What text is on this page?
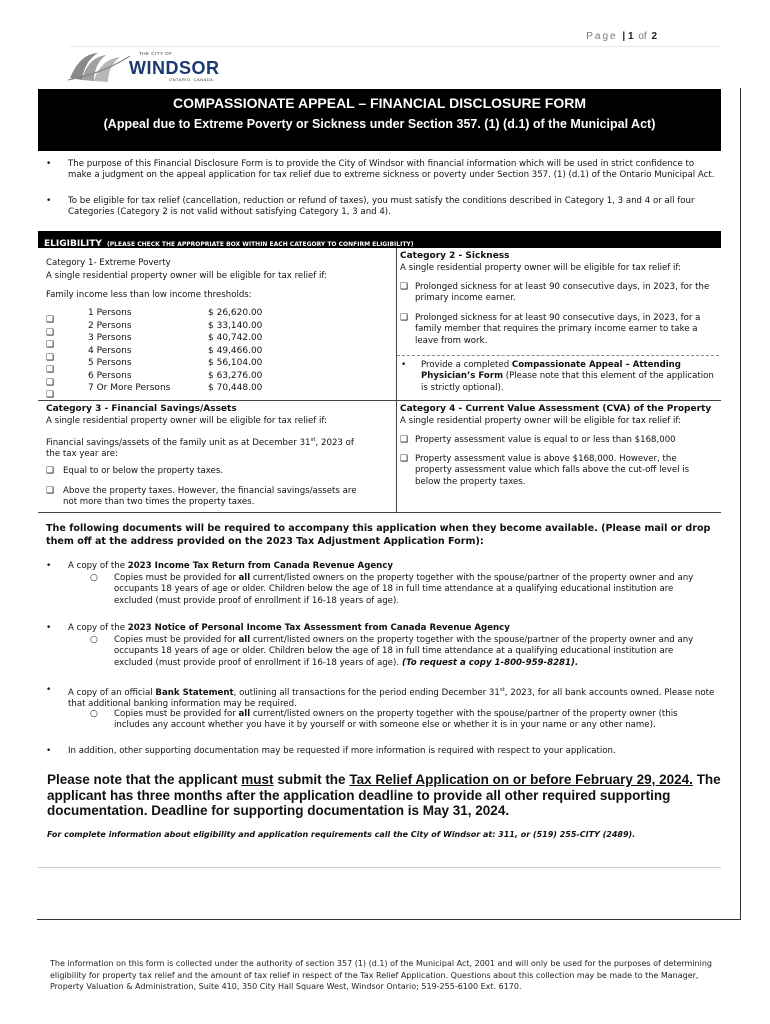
Page | 1 of 2
THE CITY OF
WINDSOR
ONTARIO, CANADA
COMPASSIONATE APPEAL – FINANCIAL DISCLOSURE FORM
(Appeal due to Extreme Poverty or Sickness under Section 357. (1) (d.1) of the Municipal Act)
• The purpose of this Financial Disclosure Form is to provide the City of Windsor with financial information which will be used in strict confidence to make a judgment on the appeal application for tax relief due to extreme sickness or poverty under Section 357. (1) (d.1) of the Ontario Municipal Act.
• To be eligible for tax relief (cancellation, reduction or refund of taxes), you must satisfy the conditions described in Category 1, 3 and 4 or all four Categories (Category 2 is not valid without satisfying Category 1, 3 and 4).
ELIGIBILITY (PLEASE CHECK THE APPROPRIATE BOX WITHIN EACH CATEGORY TO CONFIRM ELIGIBILITY)
Category 1- Extreme Poverty
A single residential property owner will be eligible for tax relief if:
Family income less than low income thresholds:
❑
1 Persons	$ 26,620.00
❑
2 Persons	$ 33,140.00
❑
3 Persons	$ 40,742.00
❑
4 Persons	$ 49,466.00
❑
5 Persons	$ 56,104.00
❑
6 Persons	$ 63,276.00
❑
7 Or More Persons	$ 70,448.00
Category 2 - Sickness
A single residential property owner will be eligible for tax relief if:
❑ Prolonged sickness for at least 90 consecutive days, in 2023, for the primary income earner.
❑ Prolonged sickness for at least 90 consecutive days, in 2023, for a family member that requires the primary income earner to take a leave from work.
• Provide a completed Compassionate Appeal – Attending Physician’s Form (Please note that this element of the application is strictly optional).
Category 3 - Financial Savings/Assets
A single residential property owner will be eligible for tax relief if:
Financial savings/assets of the family unit as at December 31st, 2023 of
the tax year are:
❑	Equal to or below the property taxes.
❑	Above the property taxes. However, the financial savings/assets are not more than two times the property taxes.
Category 4 - Current Value Assessment (CVA) of the Property
A single residential property owner will be eligible for tax relief if:
❑ Property assessment value is equal to or less than $168,000
❑ Property assessment value is above $168,000. However, the property assessment value which falls above the cut-off level is below the property taxes.
The following documents will be required to accompany this application when they become available. (Please mail or drop them off at the address provided on the 2023 Tax Adjustment Application Form):
• A copy of the 2023 Income Tax Return from Canada Revenue Agency
○ Copies must be provided for all current/listed owners on the property together with the spouse/partner of the property owner and any occupants 18 years of age or older. Children below the age of 18 in full time attendance at a qualifying educational institution are excluded (must provide proof of enrollment if 16-18 years of age).
• A copy of the 2023 Notice of Personal Income Tax Assessment from Canada Revenue Agency
○ Copies must be provided for all current/listed owners on the property together with the spouse/partner of the property owner and any occupants 18 years of age or older. Children below the age of 18 in full time attendance at a qualifying educational institution are excluded (must provide proof of enrollment if 16-18 years of age). (To request a copy 1-800-959-8281).
• A copy of an official Bank Statement, outlining all transactions for the period ending December 31st, 2023, for all bank accounts owned. Please note that additional banking information may be required.
○ Copies must be provided for all current/listed owners on the property together with the spouse/partner of the property owner (this includes any account whether you have it by yourself or with someone else or whether it is in your name or any other name).
• In addition, other supporting documentation may be requested if more information is required with respect to your application.
Please note that the applicant must submit the Tax Relief Application on or before February 29, 2024. The applicant has three months after the application deadline to provide all other required supporting documentation. Deadline for supporting documentation is May 31, 2024.
For complete information about eligibility and application requirements call the City of Windsor at: 311, or (519) 255-CITY (2489).
The information on this form is collected under the authority of section 357 (1) (d.1) of the Municipal Act, 2001 and will only be used for the purposes of determining eligibility for property tax relief and the amount of tax relief in respect of the Tax Relief Application. Questions about this collection may be made to the Manager, Property Valuation & Administration, Suite 410, 350 City Hall Square West, Windsor Ontario; 519-255-6100 Ext. 6170.
